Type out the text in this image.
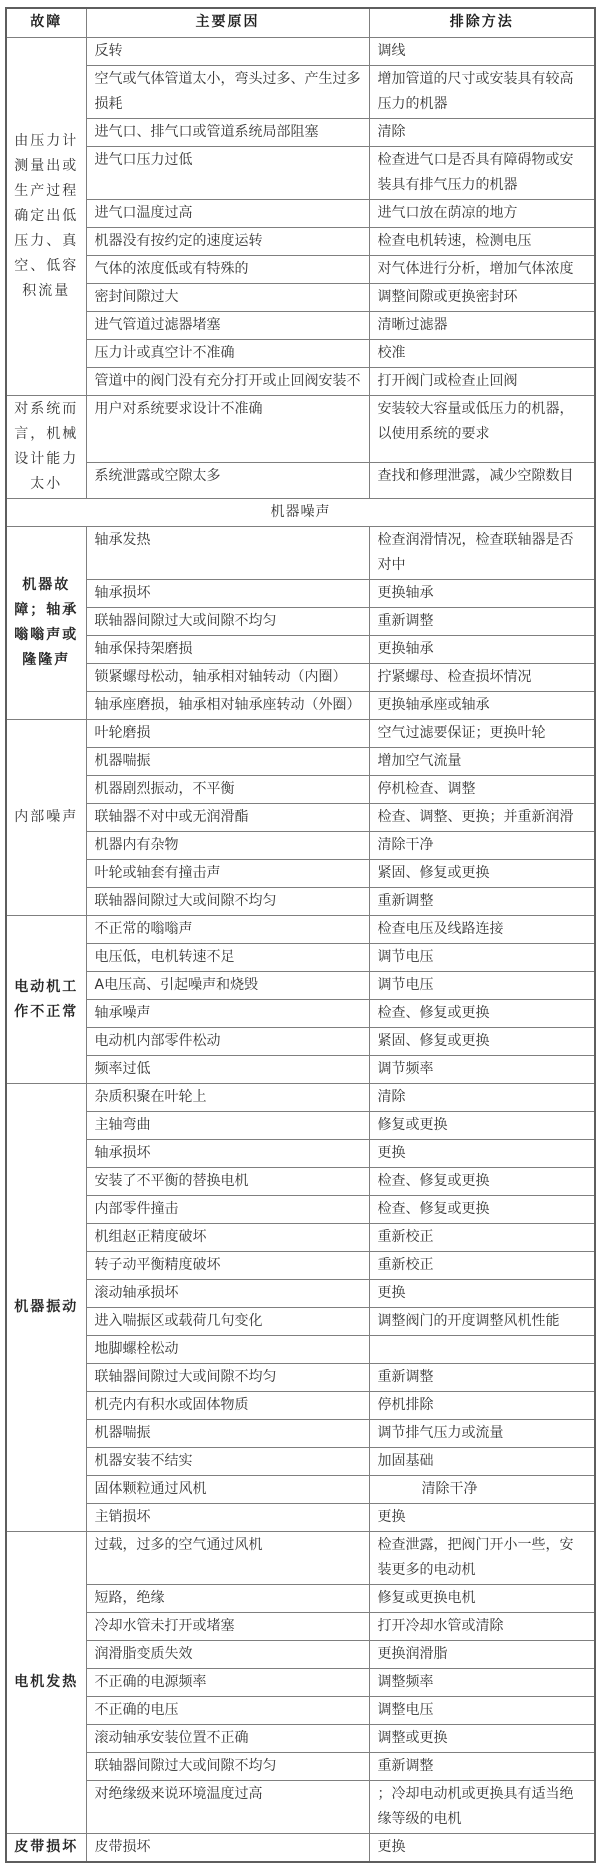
故障	主要原因	排除方法
由压力计测量出或生产过程确定出低压力、真空、低容积流量	反转	调线
	空气或气体管道太小，弯头过多、产生过多损耗	增加管道的尺寸或安装具有较高压力的机器
	进气口、排气口或管道系统局部阻塞	清除
	进气口压力过低	检查进气口是否具有障碍物或安装具有排气压力的机器
	进气口温度过高	进气口放在荫凉的地方
	机器没有按约定的速度运转	检查电机转速，检测电压
	气体的浓度低或有特殊的	对气体进行分析，增加气体浓度
	密封间隙过大	调整间隙或更换密封环
	进气管道过滤器堵塞	清晰过滤器
	压力计或真空计不准确	校准
	管道中的阀门没有充分打开或止回阀安装不	打开阀门或检查止回阀
对系统而言，机械设计能力太小	用户对系统要求设计不准确	安装较大容量或低压力的机器，以使用系统的要求
	系统泄露或空隙太多	查找和修理泄露，减少空隙数目
机器噪声		
机器故障；轴承嗡嗡声或隆隆声	轴承发热	检查润滑情况，检查联轴器是否对中
	轴承损坏	更换轴承
	联轴器间隙过大或间隙不均匀	重新调整
	轴承保持架磨损	更换轴承
	锁紧螺母松动，轴承相对轴转动（内圈）	拧紧螺母、检查损坏情况
	轴承座磨损，轴承相对轴承座转动（外圈）	更换轴承座或轴承
内部噪声	叶轮磨损	空气过滤要保证；更换叶轮
	机器喘振	增加空气流量
	机器剧烈振动，不平衡	停机检查、调整
	联轴器不对中或无润滑酯	检查、调整、更换；并重新润滑
	机器内有杂物	清除干净
	叶轮或轴套有撞击声	紧固、修复或更换
	联轴器间隙过大或间隙不均匀	重新调整
电动机工作不正常	不正常的嗡嗡声	检查电压及线路连接
	电压低，电机转速不足	调节电压
	A电压高、引起噪声和烧毁	调节电压
	轴承噪声	检查、修复或更换
	电动机内部零件松动	紧固、修复或更换
	频率过低	调节频率
机器振动	杂质积聚在叶轮上	清除
	主轴弯曲	修复或更换
	轴承损坏	更换
	安装了不平衡的替换电机	检查、修复或更换
	内部零件撞击	检查、修复或更换
	机组赵正精度破坏	重新校正
	转子动平衡精度破坏	重新校正
	滚动轴承损坏	更换
	进入喘振区或载荷几句变化	调整阀门的开度调整风机性能
	地脚螺栓松动	
	联轴器间隙过大或间隙不均匀	重新调整
	机壳内有积水或固体物质	停机排除
	机器喘振	调节排气压力或流量
	机器安装不结实	加固基础
	固体颗粒通过风机	清除干净
	主销损坏	更换
电机发热	过载，过多的空气通过风机	检查泄露，把阀门开小一些，安装更多的电动机
	短路，绝缘	修复或更换电机
	冷却水管未打开或堵塞	打开冷却水管或清除
	润滑脂变质失效	更换润滑脂
	不正确的电源频率	调整频率
	不正确的电压	调整电压
	滚动轴承安装位置不正确	调整或更换
	联轴器间隙过大或间隙不均匀	重新调整
	对绝缘级来说环境温度过高	；冷却电动机或更换具有适当绝缘等级的电机
皮带损坏	皮带损坏	更换
